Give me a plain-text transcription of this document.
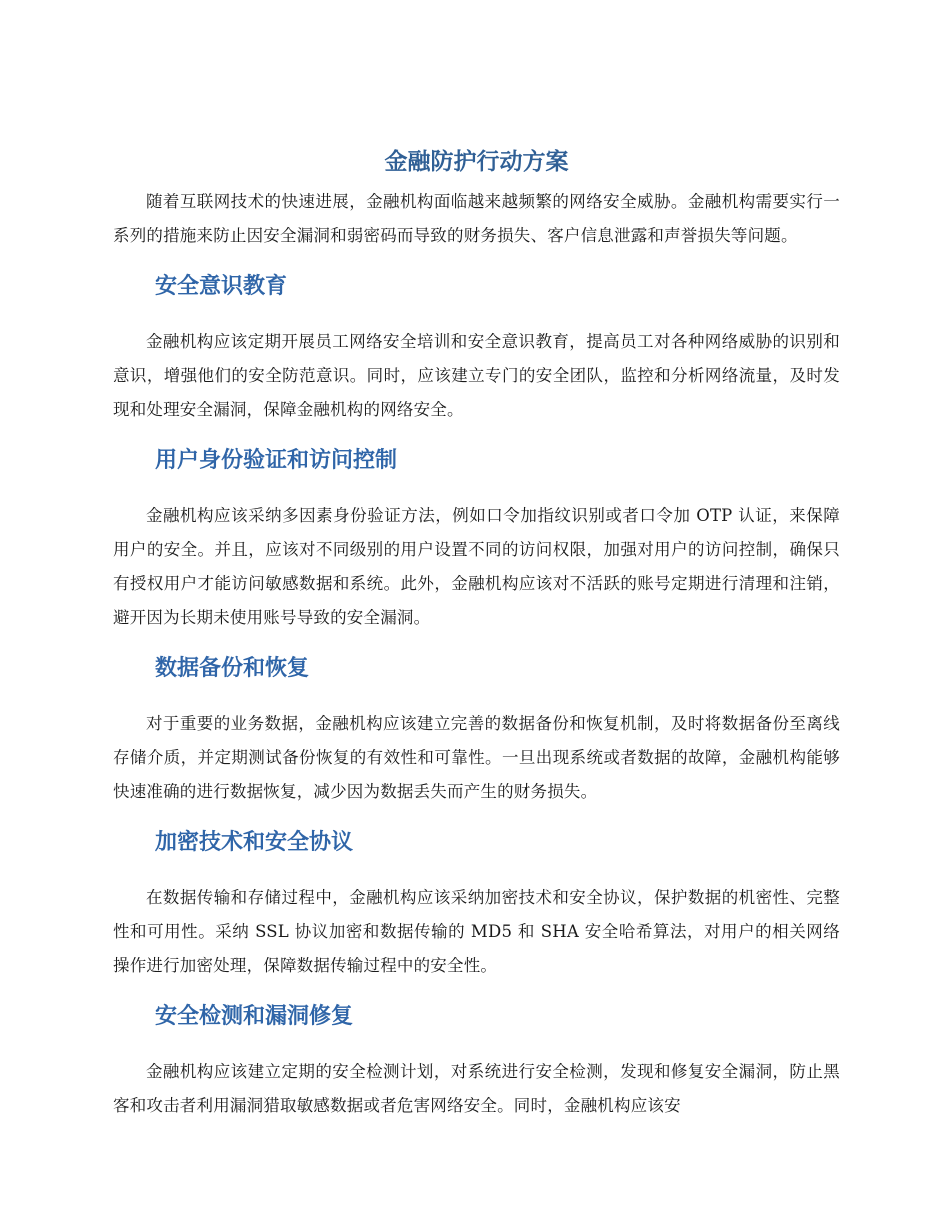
金融防护行动方案

随着互联网技术的快速进展，金融机构面临越来越频繁的网络安全威胁。金融机构需要实行一系列的措施来防止因安全漏洞和弱密码而导致的财务损失、客户信息泄露和声誉损失等问题。

安全意识教育

金融机构应该定期开展员工网络安全培训和安全意识教育，提高员工对各种网络威胁的识别和意识，增强他们的安全防范意识。同时，应该建立专门的安全团队，监控和分析网络流量，及时发现和处理安全漏洞，保障金融机构的网络安全。

用户身份验证和访问控制

金融机构应该采纳多因素身份验证方法，例如口令加指纹识别或者口令加 OTP 认证，来保障用户的安全。并且，应该对不同级别的用户设置不同的访问权限，加强对用户的访问控制，确保只有授权用户才能访问敏感数据和系统。此外，金融机构应该对不活跃的账号定期进行清理和注销，避开因为长期未使用账号导致的安全漏洞。

数据备份和恢复

对于重要的业务数据，金融机构应该建立完善的数据备份和恢复机制，及时将数据备份至离线存储介质，并定期测试备份恢复的有效性和可靠性。一旦出现系统或者数据的故障，金融机构能够快速准确的进行数据恢复，减少因为数据丢失而产生的财务损失。

加密技术和安全协议

在数据传输和存储过程中，金融机构应该采纳加密技术和安全协议，保护数据的机密性、完整性和可用性。采纳 SSL 协议加密和数据传输的 MD5 和 SHA 安全哈希算法，对用户的相关网络操作进行加密处理，保障数据传输过程中的安全性。

安全检测和漏洞修复

金融机构应该建立定期的安全检测计划，对系统进行安全检测，发现和修复安全漏洞，防止黑客和攻击者利用漏洞猎取敏感数据或者危害网络安全。同时，金融机构应该安
